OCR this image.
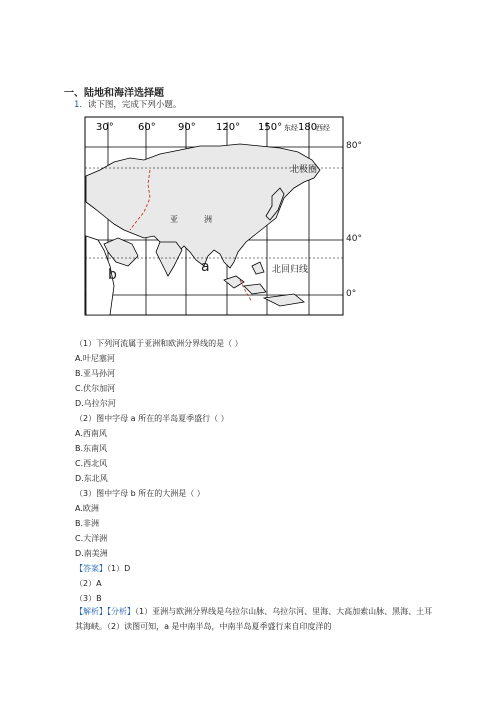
一、陆地和海洋选择题
1．读下图，完成下列小题。
30° 60° 90° 120° 150° 东经 180
西经
80°
40°
0°
北极圈
北回归线
亚	洲
a
b
（1）下列河流属于亚洲和欧洲分界线的是（ ）
A.叶尼塞河
B.亚马孙河
C.伏尔加河
D.乌拉尔河
（2）图中字母 a 所在的半岛夏季盛行（ ）
A.西南风
B.东南风
C.西北风
D.东北风
（3）图中字母 b 所在的大洲是（ ）
A.欧洲
B.非洲
C.大洋洲
D.南美洲
【答案】（1）D
（2）A
（3）B
【解析】【分析】（1）亚洲与欧洲分界线是乌拉尔山脉、乌拉尔河、里海、大高加索山脉、黑海、土耳其海峡。（2）读图可知，a 是中南半岛，中南半岛夏季盛行来自印度洋的
